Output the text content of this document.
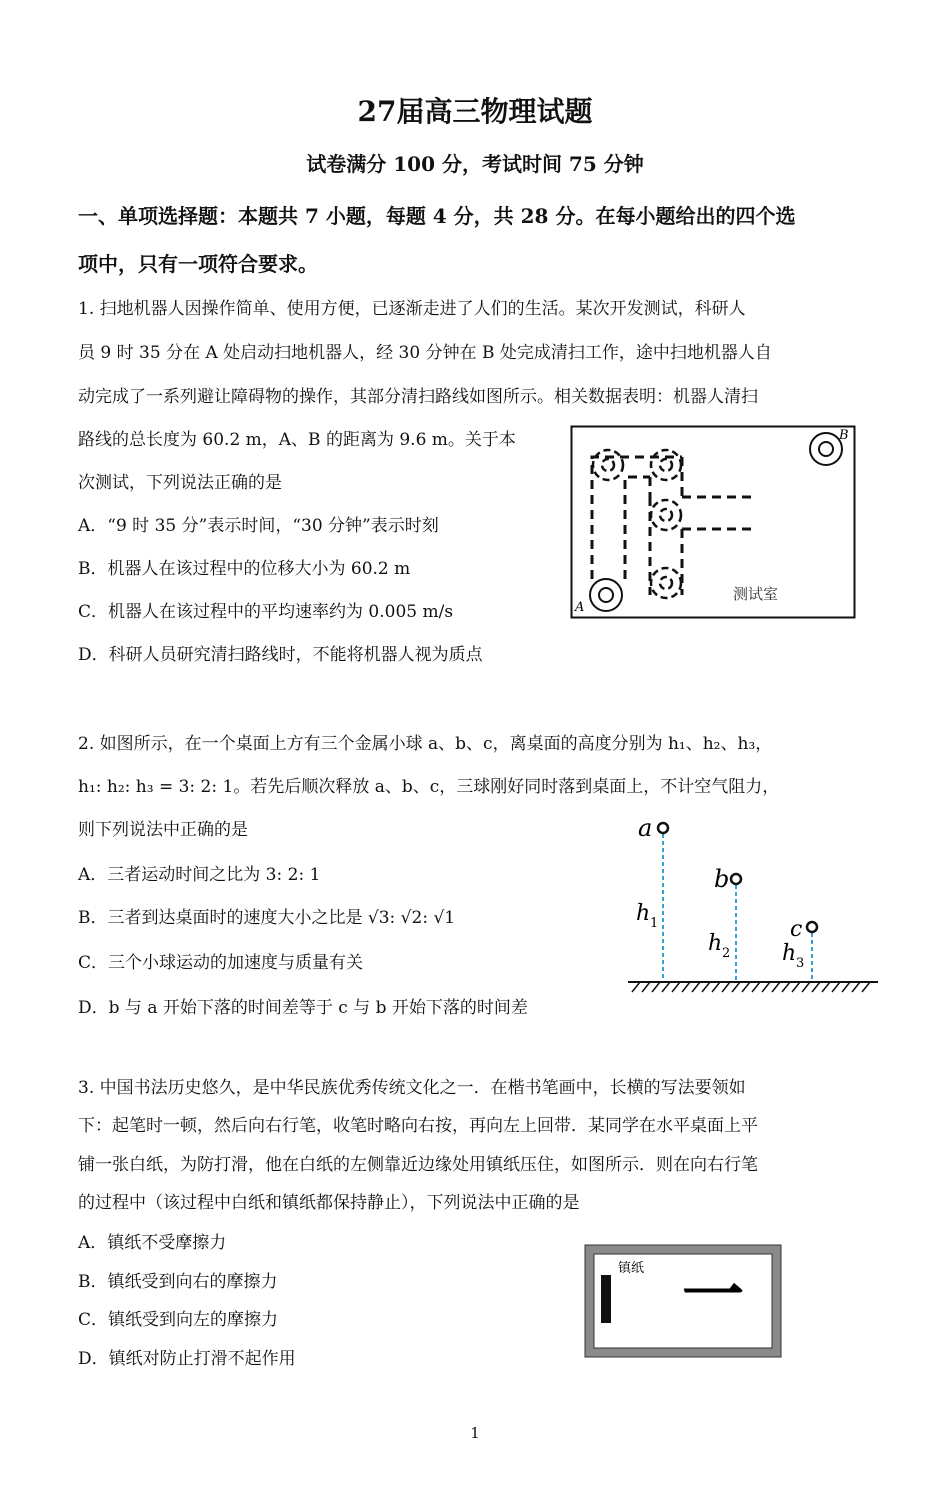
27届高三物理试题
试卷满分 100 分，考试时间 75 分钟
一、单项选择题：本题共 7 小题，每题 4 分，共 28 分。在每小题给出的四个选
项中，只有一项符合要求。
1. 扫地机器人因操作简单、使用方便，已逐渐走进了人们的生活。某次开发测试，科研人
员 9 时 35 分在 A 处启动扫地机器人，经 30 分钟在 B 处完成清扫工作，途中扫地机器人自
动完成了一系列避让障碍物的操作，其部分清扫路线如图所示。相关数据表明：机器人清扫
路线的总长度为 60.2 m，A、B 的距离为 9.6 m。关于本
次测试，下列说法正确的是
A．“9 时 35 分”表示时间，“30 分钟”表示时刻
B．机器人在该过程中的位移大小为 60.2 m
C．机器人在该过程中的平均速率约为 0.005 m/s
D．科研人员研究清扫路线时，不能将机器人视为质点
B
A
测试室
2. 如图所示，在一个桌面上方有三个金属小球 a、b、c，离桌面的高度分别为 h₁、h₂、h₃，
h₁: h₂: h₃ = 3: 2: 1。若先后顺次释放 a、b、c，三球刚好同时落到桌面上，不计空气阻力，
则下列说法中正确的是
A．三者运动时间之比为 3: 2: 1
B．三者到达桌面时的速度大小之比是 √3: √2: √1
C．三个小球运动的加速度与质量有关
D．b 与 a 开始下落的时间差等于 c 与 b 开始下落的时间差
a
b
c
h 1
h 2 h 3
3. 中国书法历史悠久，是中华民族优秀传统文化之一．在楷书笔画中，长横的写法要领如
下：起笔时一顿，然后向右行笔，收笔时略向右按，再向左上回带．某同学在水平桌面上平
铺一张白纸，为防打滑，他在白纸的左侧靠近边缘处用镇纸压住，如图所示．则在向右行笔
的过程中（该过程中白纸和镇纸都保持静止），下列说法中正确的是
A．镇纸不受摩擦力
B．镇纸受到向右的摩擦力
C．镇纸受到向左的摩擦力
D．镇纸对防止打滑不起作用
镇纸 一
1
